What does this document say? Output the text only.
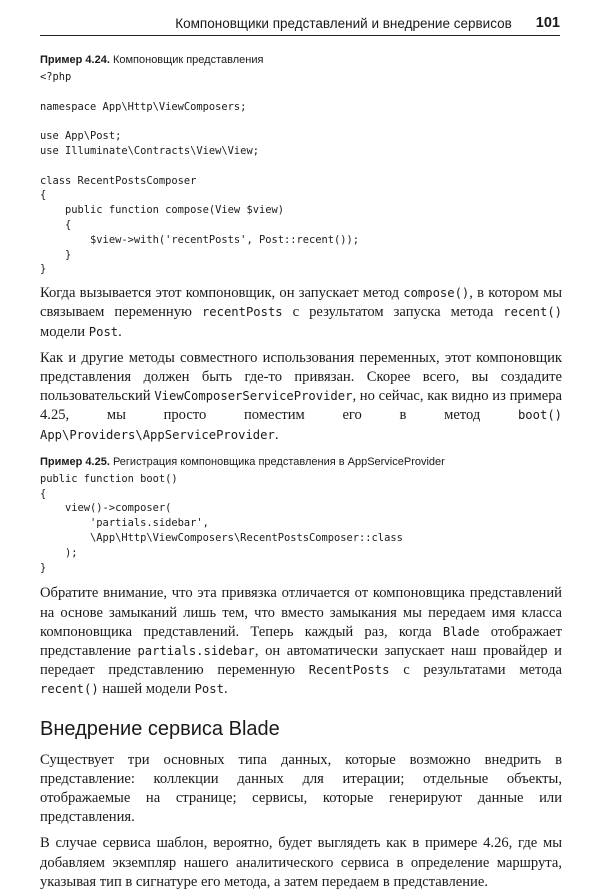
Компоновщики представлений и внедрение сервисов 101
Пример 4.24. Компоновщик представления
<?php

namespace App\Http\ViewComposers;

use App\Post;
use Illuminate\Contracts\View\View;

class RecentPostsComposer
{
public function compose(View $view)
{
$view->with('recentPosts', Post::recent());
}
}

Когда вызывается этот компоновщик, он запускает метод compose(), в котором мы связываем переменную recentPosts с результатом запуска метода recent() модели Post.

Как и другие методы совместного использования переменных, этот компоновщик представления должен быть где-то привязан. Скорее всего, вы создадите пользовательский ViewComposerServiceProvider, но сейчас, как видно из примера 4.25, мы просто поместим его в метод boot() App\Providers\AppServiceProvider.

Пример 4.25. Регистрация компоновщика представления в AppServiceProvider
public function boot()
{
view()->composer(
'partials.sidebar',
\App\Http\ViewComposers\RecentPostsComposer::class
);
}

Обратите внимание, что эта привязка отличается от компоновщика представлений на основе замыканий лишь тем, что вместо замыкания мы передаем имя класса компоновщика представлений. Теперь каждый раз, когда Blade отображает представление partials.sidebar, он автоматически запускает наш провайдер и передает представлению переменную RecentPosts с результатами метода recent() нашей модели Post.

Внедрение сервиса Blade

Существует три основных типа данных, которые возможно внедрить в представление: коллекции данных для итерации; отдельные объекты, отображаемые на странице; сервисы, которые генерируют данные или представления.

В случае сервиса шаблон, вероятно, будет выглядеть как в примере 4.26, где мы добавляем экземпляр нашего аналитического сервиса в определение маршрута, указывая тип в сигнатуре его метода, а затем передаем в представление.
